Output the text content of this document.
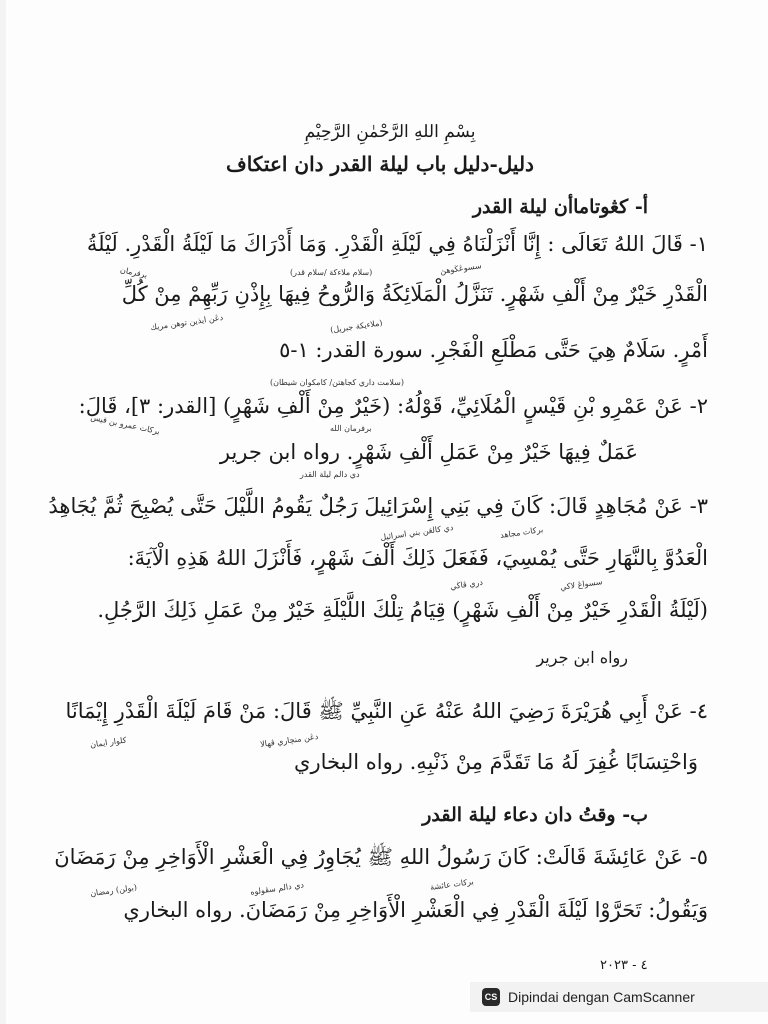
بِسْمِ اللهِ الرَّحْمٰنِ الرَّحِيْمِ
دليل-دليل باب ليلة القدر دان اعتكاف
أ- كڠوتاماأن ليلة القدر
١- قَالَ اللهُ تَعَالَى : إِنَّا أَنْزَلْنَاهُ فِي لَيْلَةِ الْقَدْرِ. وَمَا أَدْرَاكَ مَا لَيْلَةُ الْقَدْرِ. لَيْلَةُ
الْقَدْرِ خَيْرٌ مِنْ أَلْفِ شَهْرٍ. تَنَزَّلُ الْمَلَائِكَةُ وَالرُّوحُ فِيهَا بِإِذْنِ رَبِّهِمْ مِنْ كُلِّ
أَمْرٍ. سَلَامٌ هِيَ حَتَّى مَطْلَعِ الْفَجْرِ. سورة القدر: ١-٥
٢- عَنْ عَمْرِو بْنِ قَيْسٍ الْمُلَائِيِّ، قَوْلُهُ: (خَيْرٌ مِنْ أَلْفِ شَهْرٍ) [القدر: ٣]، قَالَ:
عَمَلٌ فِيهَا خَيْرٌ مِنْ عَمَلِ أَلْفِ شَهْرٍ. رواه ابن جرير
٣- عَنْ مُجَاهِدٍ قَالَ: كَانَ فِي بَنِي إِسْرَائِيلَ رَجُلٌ يَقُومُ اللَّيْلَ حَتَّى يُصْبِحَ ثُمَّ يُجَاهِدُ
الْعَدُوَّ بِالنَّهَارِ حَتَّى يُمْسِيَ، فَفَعَلَ ذَلِكَ أَلْفَ شَهْرٍ، فَأَنْزَلَ اللهُ هَذِهِ الْآيَةَ:
(لَيْلَةُ الْقَدْرِ خَيْرٌ مِنْ أَلْفِ شَهْرٍ) قِيَامُ تِلْكَ اللَّيْلَةِ خَيْرٌ مِنْ عَمَلِ ذَلِكَ الرَّجُلِ.
رواه ابن جرير
٤- عَنْ أَبِي هُرَيْرَةَ رَضِيَ اللهُ عَنْهُ عَنِ النَّبِيِّ ﷺ قَالَ: مَنْ قَامَ لَيْلَةَ الْقَدْرِ إِيْمَانًا
وَاحْتِسَابًا غُفِرَ لَهُ مَا تَقَدَّمَ مِنْ ذَنْبِهِ. رواه البخاري
ب- وقتُ دان دعاء ليلة القدر
٥- عَنْ عَائِشَةَ قَالَتْ: كَانَ رَسُولُ اللهِ ﷺ يُجَاوِرُ فِي الْعَشْرِ الْأَوَاخِرِ مِنْ رَمَضَانَ
وَيَقُولُ: تَحَرَّوْا لَيْلَةَ الْقَدْرِ فِي الْعَشْرِ الْأَوَاخِرِ مِنْ رَمَضَانَ. رواه البخاري
برفرمان	(سلام ملاءكة /سلام قدر)	سسوڠڬوهڽ
(ملاءيكة جبريل)
دڠن ايذين توهن مريك
(سلامت داري كجاهتن/ كامكوان شيطان)
برفرمان الله
بركات عمرو بن قيس
دي دالم ليلة القدر
بركات مجاهد
دي كالڠن بني اسرائيل
دري ڤاڬي	سسواڠ لاكي
كلوار ايمان	دڠن منچاري ڤهالا
بركات عائشة
دي دالم سڤولوه
(بولن) رمضان
٤ - ٢٠٢٣
CS Dipindai dengan CamScanner
